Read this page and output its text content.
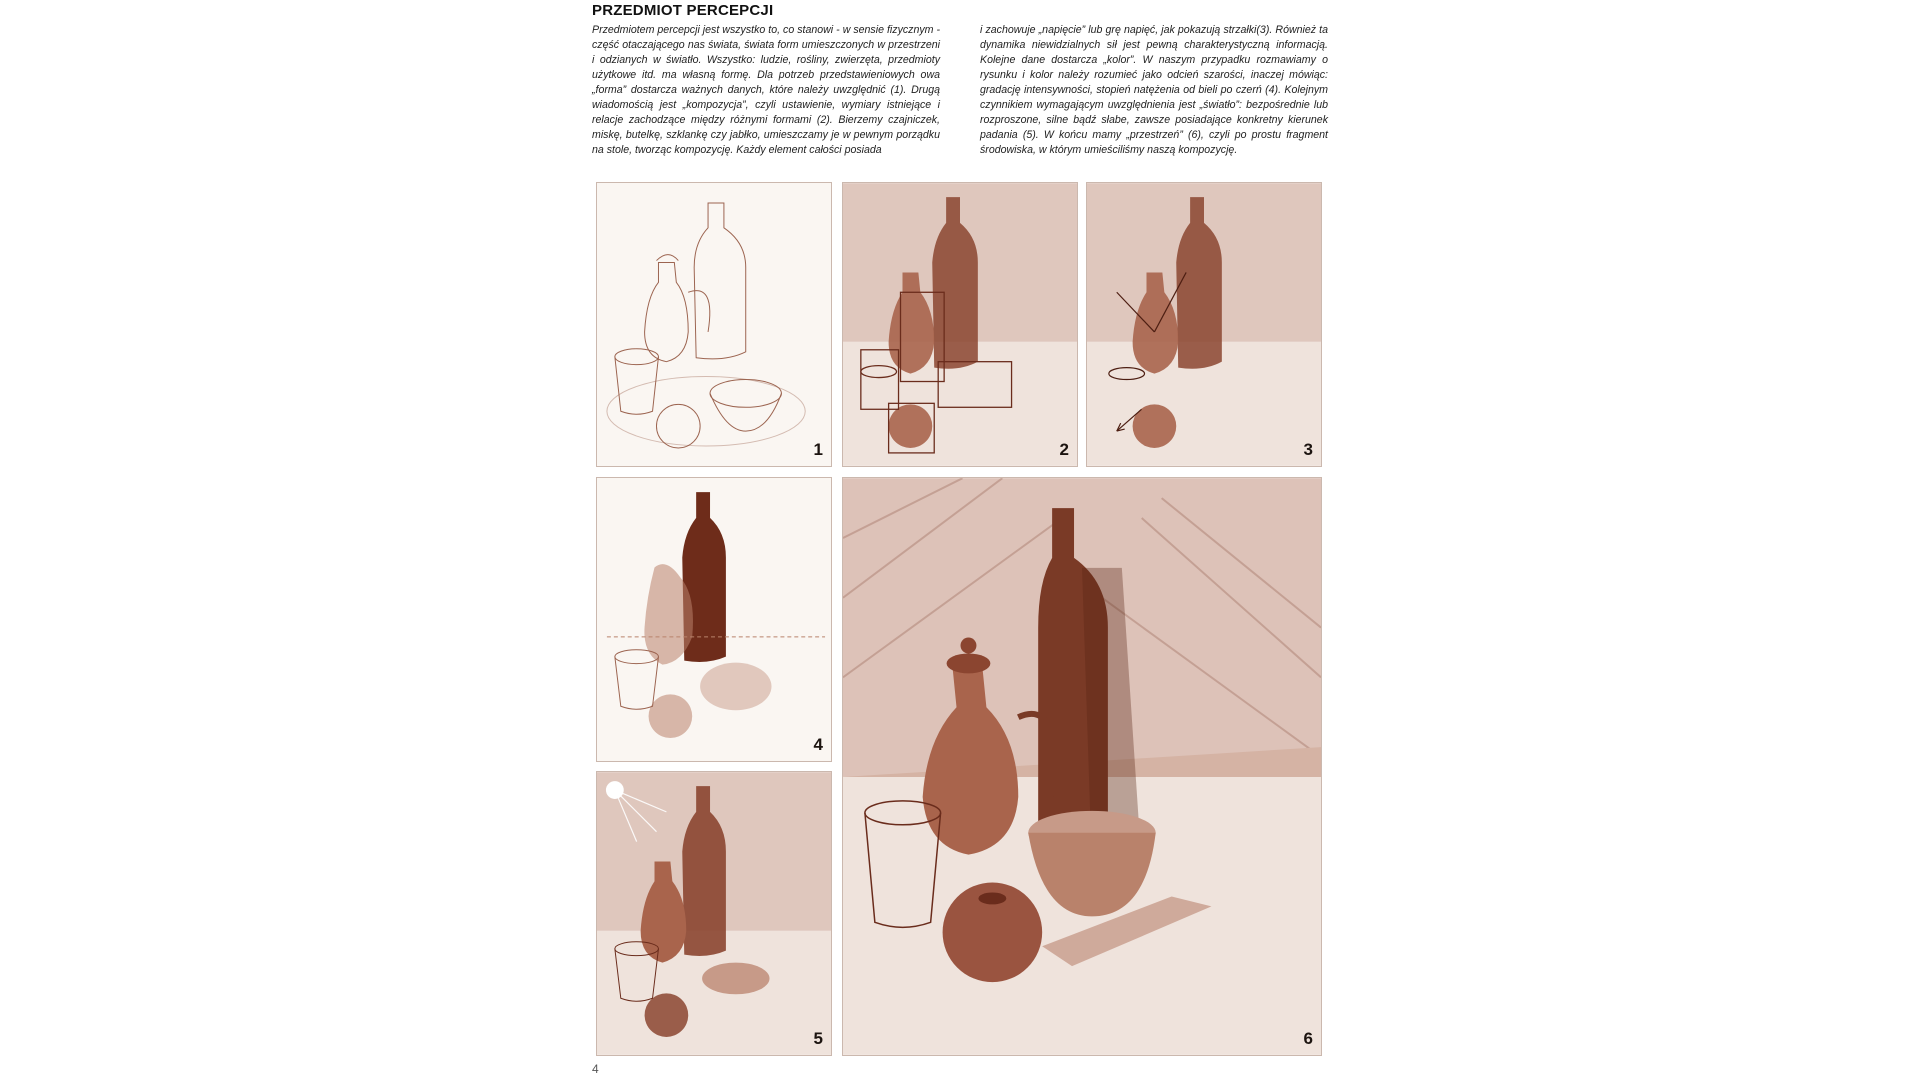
PRZEDMIOT PERCEPCJI
Przedmiotem percepcji jest wszystko to, co stanowi - w sensie fizycznym - część otaczającego nas świata, świata form umieszczonych w przestrzeni i odzianych w światło. Wszystko: ludzie, rośliny, zwierzęta, przedmioty użytkowe itd. ma własną formę. Dla potrzeb przedstawieniowych owa „forma” dostarcza ważnych danych, które należy uwzględnić (1). Drugą wiadomością jest „kompozycja”, czyli ustawienie, wymiary istniejące i relacje zachodzące między różnymi formami (2). Bierzemy czajniczek, miskę, butelkę, szklankę czy jabłko, umieszczamy je w pewnym porządku na stole, tworząc kompozycję. Każdy element całości posiada
i zachowuje „napięcie” lub grę napięć, jak pokazują strzałki(3). Również ta dynamika niewidzialnych sił jest pewną charakterystyczną informacją. Kolejne dane dostarcza „kolor”. W naszym przypadku rozmawiamy o rysunku i kolor należy rozumieć jako odcień szarości, inaczej mówiąc: gradację intensywności, stopień natężenia od bieli po czerń (4). Kolejnym czynnikiem wymagającym uwzględnienia jest „światło”: bezpośrednie lub rozproszone, silne bądź słabe, zawsze posiadające konkretny kierunek padania (5). W końcu mamy „przestrzeń” (6), czyli po prostu fragment środowiska, w którym umieściliśmy naszą kompozycję.
1	2	3
4
5	6
4
